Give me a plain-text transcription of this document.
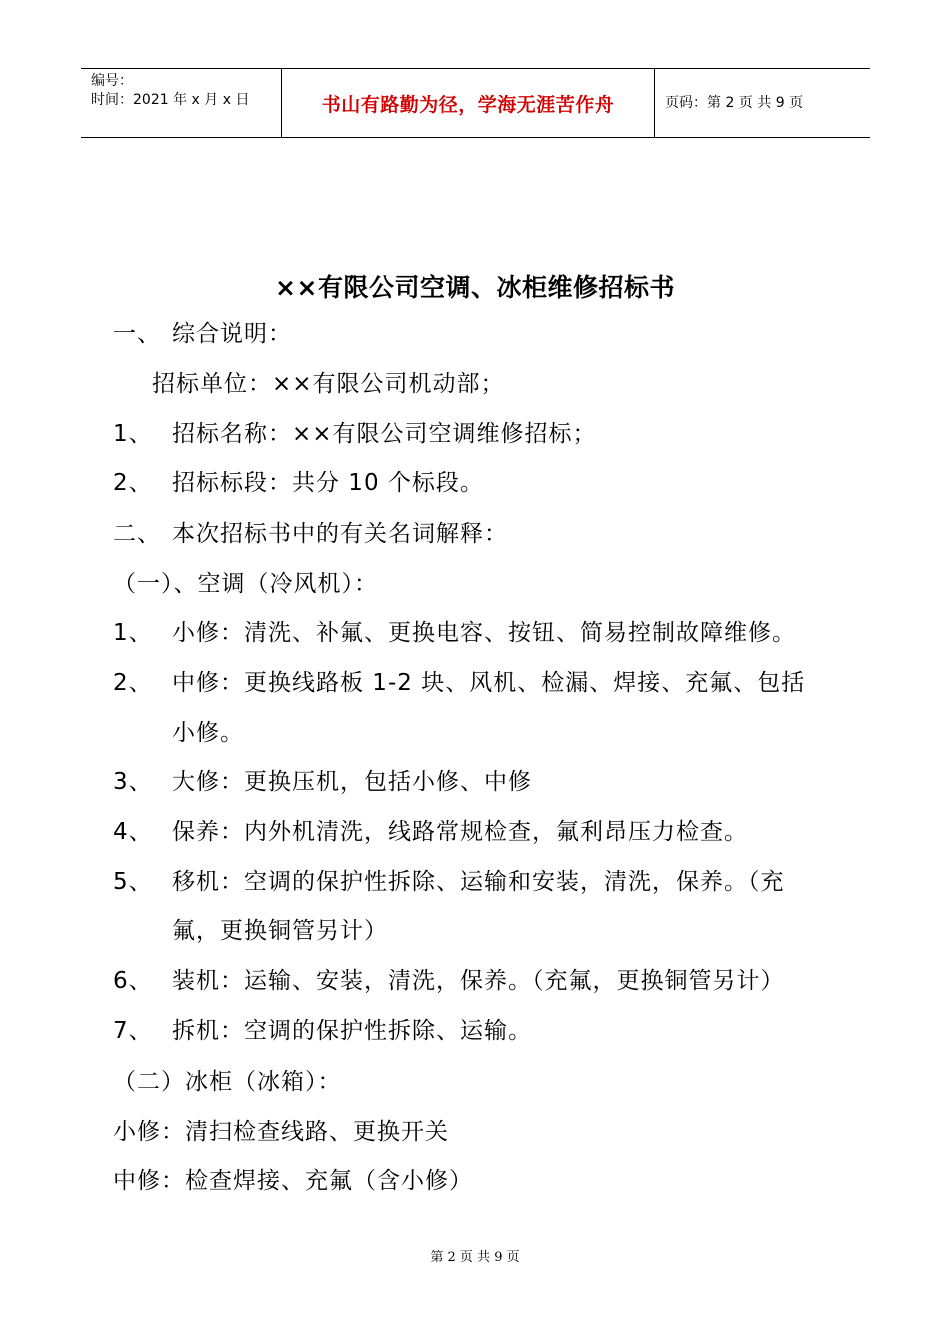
编号：
时间：2021 年 x 月 x 日	书山有路勤为径，学海无涯苦作舟	页码：第 2 页 共 9 页
××有限公司空调、冰柜维修招标书
一、 综合说明：
招标单位：××有限公司机动部；
1、 招标名称：××有限公司空调维修招标；
2、 招标标段：共分 10 个标段。
二、 本次招标书中的有关名词解释：
（一）、空调（冷风机）：
1、 小修：清洗、补氟、更换电容、按钮、简易控制故障维修。
2、 中修：更换线路板 1-2 块、风机、检漏、焊接、充氟、包括
小修。
3、 大修：更换压机，包括小修、中修
4、 保养：内外机清洗，线路常规检查，氟利昂压力检查。
5、 移机：空调的保护性拆除、运输和安装，清洗，保养。（充
氟，更换铜管另计）
6、 装机：运输、安装，清洗，保养。（充氟，更换铜管另计）
7、 拆机：空调的保护性拆除、运输。
（二）冰柜（冰箱）：
小修：清扫检查线路、更换开关
中修：检查焊接、充氟（含小修）
第 2 页 共 9 页
